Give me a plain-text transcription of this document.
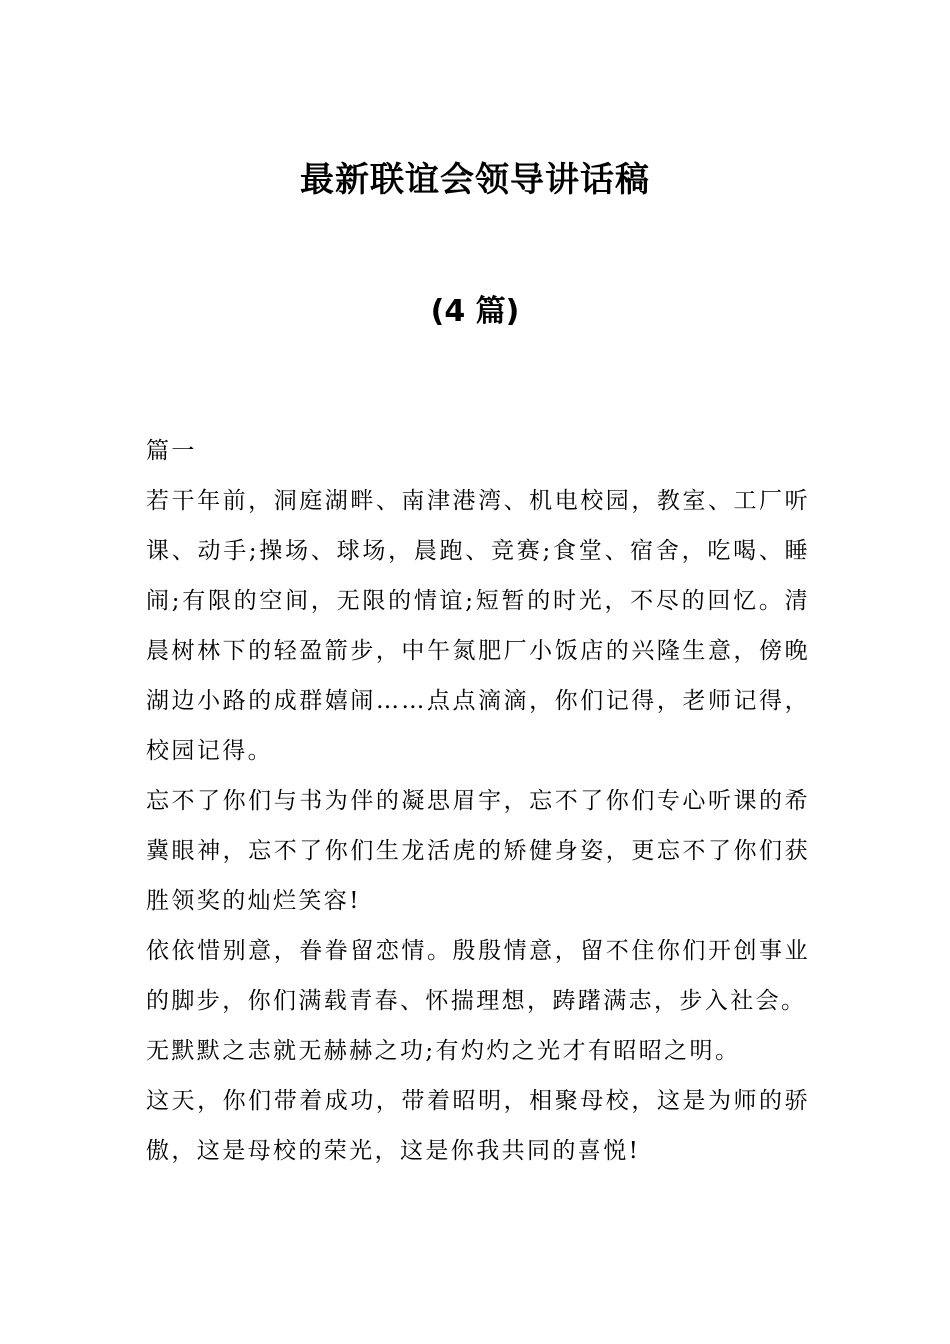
最新联谊会领导讲话稿
(4 篇)

篇一

若干年前，洞庭湖畔、南津港湾、机电校园，教室、工厂听课、动手;操场、球场，晨跑、竞赛;食堂、宿舍，吃喝、睡闹;有限的空间，无限的情谊;短暂的时光，不尽的回忆。清晨树林下的轻盈箭步，中午氮肥厂小饭店的兴隆生意，傍晚湖边小路的成群嬉闹……点点滴滴，你们记得，老师记得，校园记得。

忘不了你们与书为伴的凝思眉宇，忘不了你们专心听课的希冀眼神，忘不了你们生龙活虎的矫健身姿，更忘不了你们获胜领奖的灿烂笑容!

依依惜别意，眷眷留恋情。殷殷情意，留不住你们开创事业的脚步，你们满载青春、怀揣理想，踌躇满志，步入社会。

无默默之志就无赫赫之功;有灼灼之光才有昭昭之明。

这天，你们带着成功，带着昭明，相聚母校，这是为师的骄傲，这是母校的荣光，这是你我共同的喜悦!
